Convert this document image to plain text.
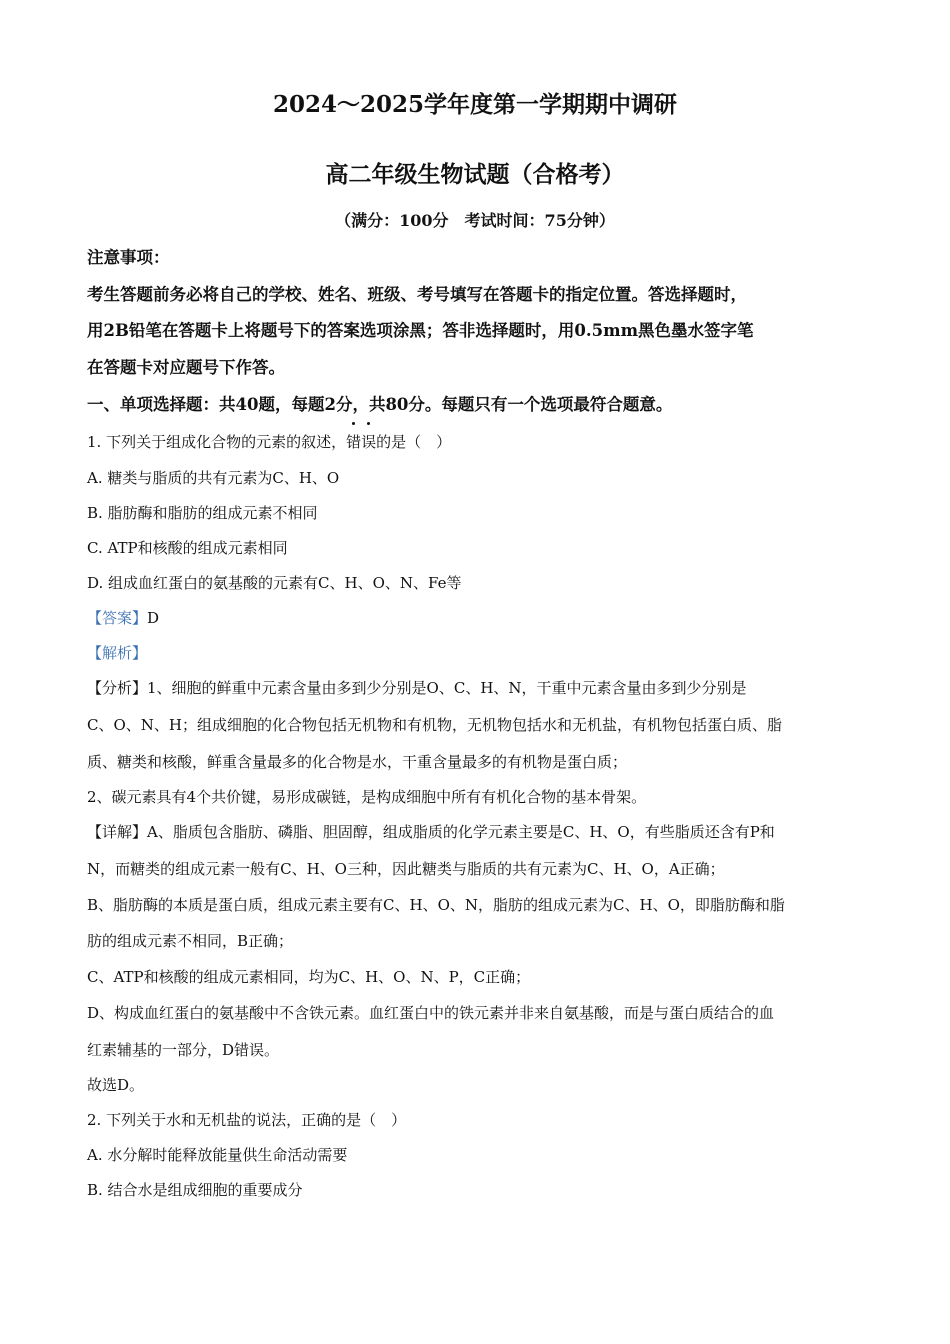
2024～2025学年度第一学期期中调研
高二年级生物试题（合格考）
（满分：100分　考试时间：75分钟）
注意事项：
考生答题前务必将自己的学校、姓名、班级、考号填写在答题卡的指定位置。答选择题时，
用2B铅笔在答题卡上将题号下的答案选项涂黑；答非选择题时，用0.5mm黑色墨水签字笔
在答题卡对应题号下作答。
一、单项选择题：共40题，每题2分，共80分。每题只有一个选项最符合题意。
1. 下列关于组成化合物的元素的叙述，
错误的是（　）
A. 糖类与脂质的共有元素为C、H、O
B. 脂肪酶和脂肪的组成元素不相同
C. ATP和核酸的组成元素相同
D. 组成血红蛋白的氨基酸的元素有C、H、O、N、Fe等
【答案】D
【解析】
【分析】1、细胞的鲜重中元素含量由多到少分别是O、C、H、N，干重中元素含量由多到少分别是
C、O、N、H；组成细胞的化合物包括无机物和有机物，无机物包括水和无机盐，有机物包括蛋白质、脂
质、糖类和核酸，鲜重含量最多的化合物是水，干重含量最多的有机物是蛋白质；
2、碳元素具有4个共价键，易形成碳链，是构成细胞中所有有机化合物的基本骨架。
【详解】A、脂质包含脂肪、磷脂、胆固醇，组成脂质的化学元素主要是C、H、O，有些脂质还含有P和
N，而糖类的组成元素一般有C、H、O三种，因此糖类与脂质的共有元素为C、H、O，A正确；
B、脂肪酶的本质是蛋白质，组成元素主要有C、H、O、N，脂肪的组成元素为C、H、O，即脂肪酶和脂
肪的组成元素不相同，B正确；
C、ATP和核酸的组成元素相同，均为C、H、O、N、P，C正确；
D、构成血红蛋白的氨基酸中不含铁元素。血红蛋白中的铁元素并非来自氨基酸，而是与蛋白质结合的血
红素辅基的一部分，D错误。
故选D。
2. 下列关于水和无机盐的说法，正确的是（　）
A. 水分解时能释放能量供生命活动需要
B. 结合水是组成细胞的重要成分
